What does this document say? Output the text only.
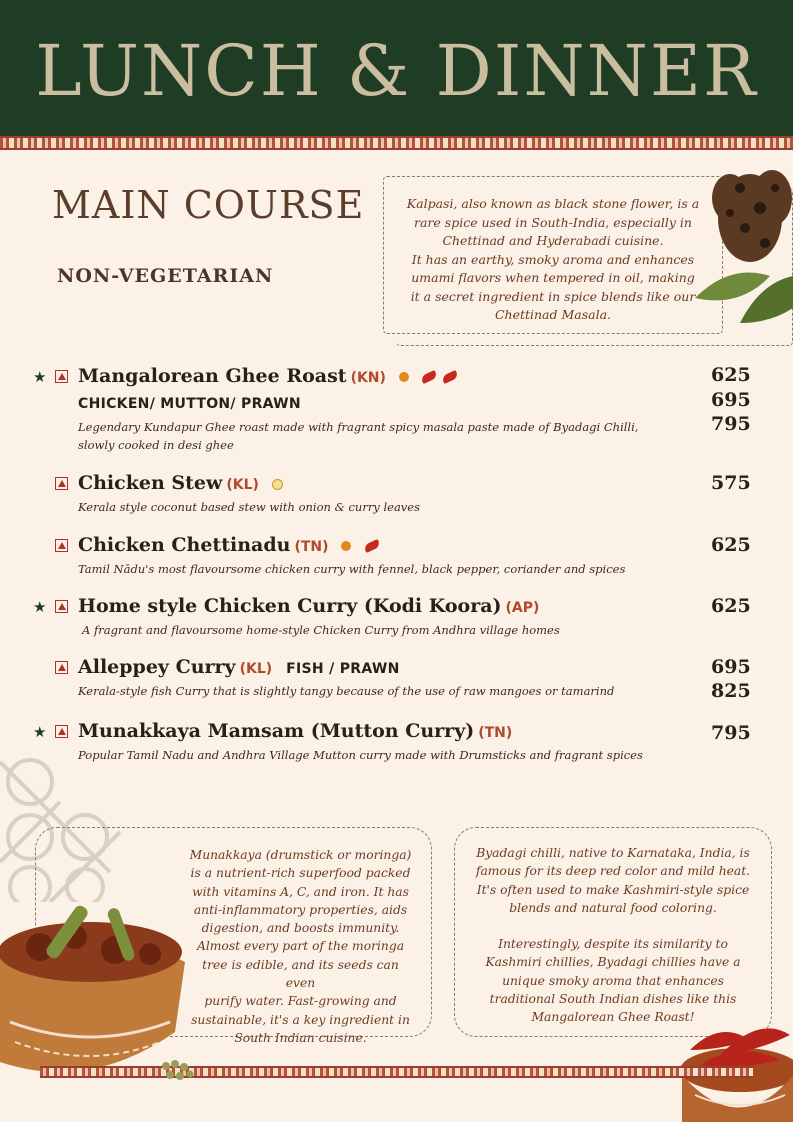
LUNCH & DINNER
MAIN COURSE
NON-VEGETARIAN
Kalpasi, also known as black stone flower, is a
rare spice used in South-India, especially in
Chettinad and Hyderabadi cuisine.
It has an earthy, smoky aroma and enhances
umami flavors when tempered in oil, making
it a secret ingredient in spice blends like our
Chettinad Masala.
★ Mangalorean Ghee Roast (KN)
CHICKEN/ MUTTON/ PRAWN
Legendary Kundapur Ghee roast made with fragrant spicy masala paste made of Byadagi Chilli,
slowly cooked in desi ghee
625
695
795
Chicken Stew (KL)
Kerala style coconut based stew with onion & curry leaves
575
Chicken Chettinadu (TN)
Tamil Nādu's most flavoursome chicken curry with fennel, black pepper, coriander and spices
625
★ Home style Chicken Curry (Kodi Koora) (AP)
A fragrant and flavoursome home-style Chicken Curry from Andhra village homes
625
Alleppey Curry (KL) FISH / PRAWN
Kerala-style fish Curry that is slightly tangy because of the use of raw mangoes or tamarind
695
825
★ Munakkaya Mamsam (Mutton Curry) (TN)
Popular Tamil Nadu and Andhra Village Mutton curry made with Drumsticks and fragrant spices
795
Munakkaya (drumstick or moringa)
is a nutrient-rich superfood packed
with vitamins A, C, and iron. It has
anti-inflammatory properties, aids
digestion, and boosts immunity.
Almost every part of the moringa
tree is edible, and its seeds can even
purify water. Fast-growing and
sustainable, it's a key ingredient in
South Indian cuisine.
Byadagi chilli, native to Karnataka, India, is
famous for its deep red color and mild heat.
It's often used to make Kashmiri-style spice
blends and natural food coloring.
Interestingly, despite its similarity to
Kashmiri chillies, Byadagi chillies have a
unique smoky aroma that enhances
traditional South Indian dishes like this
Mangalorean Ghee Roast!
